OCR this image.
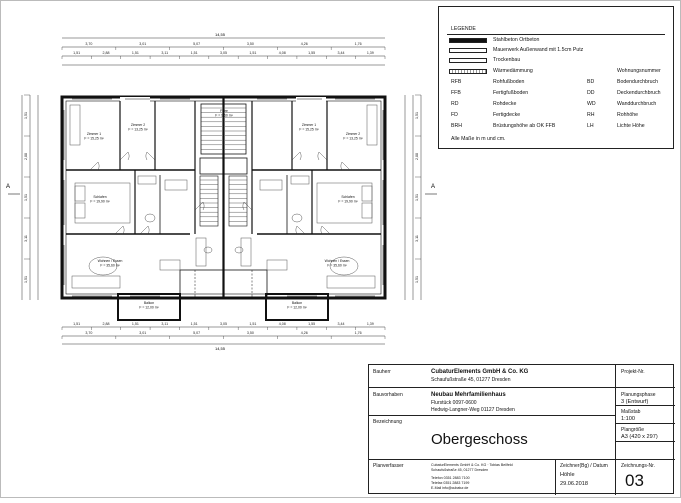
14,55
3,70	3,01	5,07	3,50	4,26	1,76
1,51	2,88	1,51	3,11	1,51	3,05	1,51	4,08	1,55	3,44	1,39
1,51	2,88	1,51	3,11	1,51	3,05	1,51	4,08	1,55	3,44	1,39
3,70	3,01	5,07	3,50	4,26	1,76
14,55
1,51
2,88
1,51
3,11
1,51
1,51
2,88
1,51
3,11
1,51
A	A
Zimmer 1
F = 15,25 m²
Zimmer 2
F = 13,25 m²
Flure
F = 9,60 m²
Zimmer 1
F = 15,25 m²
Zimmer 2
F = 13,25 m²
Schlafen
F = 19,90 m²
Schlafen
F = 19,90 m²
Wohnen / Essen
F = 35,60 m²
Wohnen / Essen
F = 35,60 m²
Balkon
F = 12,00 m²
Balkon
F = 12,00 m²
LEGENDE
Stahlbeton Ortbeton
Mauerwerk Außenwand mit 1.5cm Putz
Trockenbau
Wärmedämmung	Wohnungsnummer
RFB	Rohfußboden	BD	Bodendurchbruch
FFB	Fertigfußboden	DD	Deckendurchbruch
RD	Rohdecke	WD	Wanddurchbruch
FD	Fertigdecke	RH	Rohhöhe
BRH	Brüstungshöhe ab OK FFB	LH	Lichte Höhe
Alle Maße in m und cm.
Bauherr	CubaturElements GmbH & Co. KG
Schaufußstraße 45, 01277 Dresden
Bauvorhaben	Neubau Mehrfamilienhaus
Flurstück 0097-0600
Hedwig-Langner-Weg 01127 Dresden
Bezeichnung
Obergeschoss
Planverfasser	CubaturElements GmbH & Co. KG · Tobias Beilfeld
Schaufußstraße 45, 01277 Dresden
Telefon 0351 2883 7100
Telefax 0351 2883 7199
E-Mail info@cubatur.de
Projekt-Nr.
Planungsphase
3 (Entwurf)
Maßstab
1:100
Plangröße
A3 (420 x 297)
Zeichner(Bg) / Datum
Höhle
29.06.2018
Zeichnungs-Nr.
03
